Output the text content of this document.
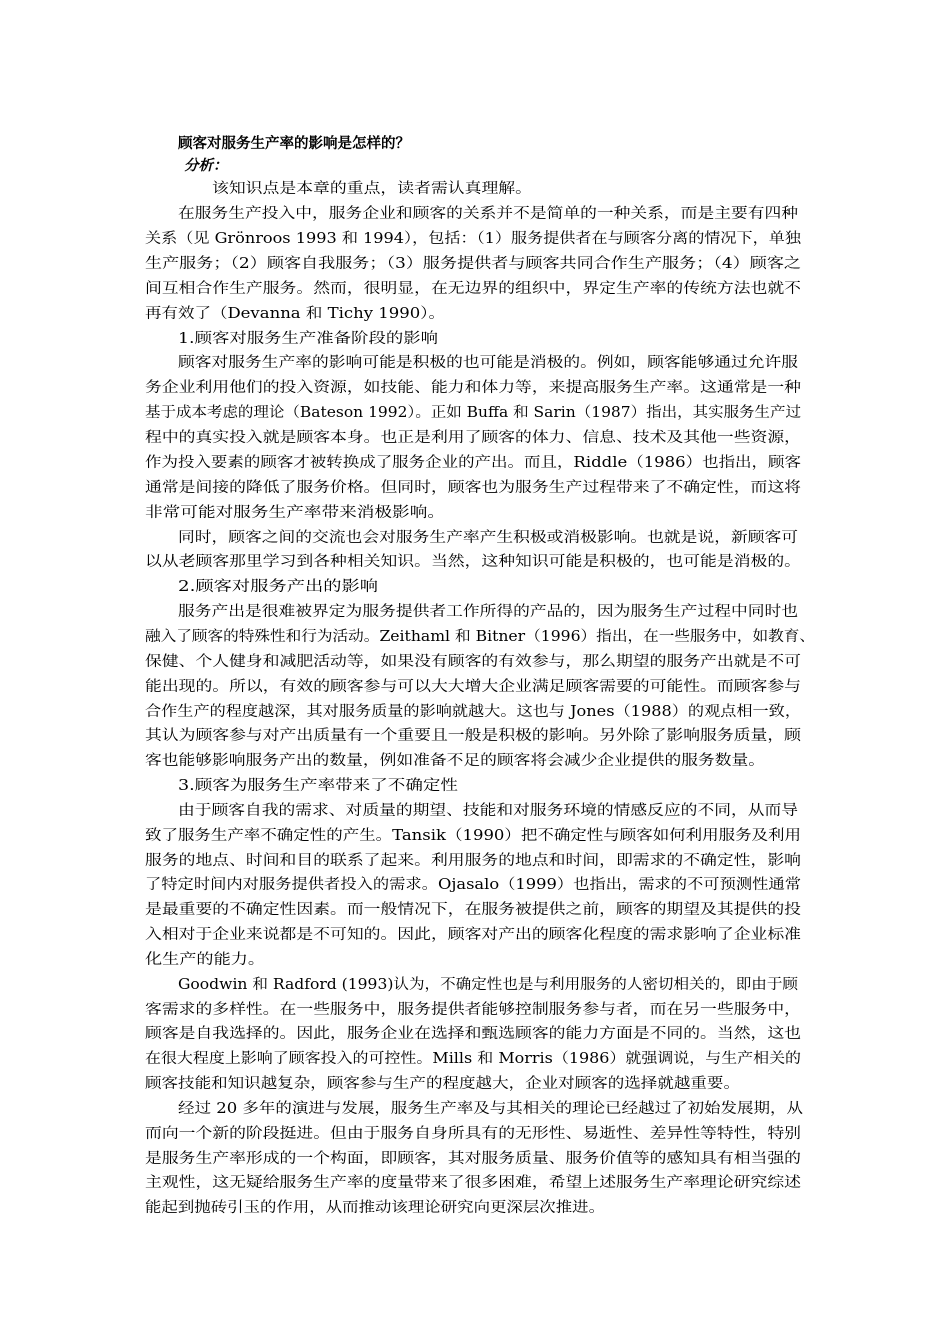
顾客对服务生产率的影响是怎样的？
分析：
该知识点是本章的重点，读者需认真理解。
在服务生产投入中，服务企业和顾客的关系并不是简单的一种关系，而是主要有四种
关系（见 Grönroos 1993 和 1994），包括：（1）服务提供者在与顾客分离的情况下，单独
生产服务；（2）顾客自我服务；（3）服务提供者与顾客共同合作生产服务；（4）顾客之
间互相合作生产服务。然而，很明显，在无边界的组织中，界定生产率的传统方法也就不
再有效了（Devanna 和 Tichy 1990）。
1.顾客对服务生产准备阶段的影响
顾客对服务生产率的影响可能是积极的也可能是消极的。例如，顾客能够通过允许服
务企业利用他们的投入资源，如技能、能力和体力等，来提高服务生产率。这通常是一种
基于成本考虑的理论（Bateson 1992）。正如 Buffa 和 Sarin（1987）指出，其实服务生产过
程中的真实投入就是顾客本身。也正是利用了顾客的体力、信息、技术及其他一些资源，
作为投入要素的顾客才被转换成了服务企业的产出。而且，Riddle（1986）也指出，顾客
通常是间接的降低了服务价格。但同时，顾客也为服务生产过程带来了不确定性，而这将
非常可能对服务生产率带来消极影响。
同时，顾客之间的交流也会对服务生产率产生积极或消极影响。也就是说，新顾客可
以从老顾客那里学习到各种相关知识。当然，这种知识可能是积极的，也可能是消极的。
2.顾客对服务产出的影响
服务产出是很难被界定为服务提供者工作所得的产品的，因为服务生产过程中同时也
融入了顾客的特殊性和行为活动。Zeithaml 和 Bitner（1996）指出，在一些服务中，如教育、
保健、个人健身和减肥活动等，如果没有顾客的有效参与，那么期望的服务产出就是不可
能出现的。所以，有效的顾客参与可以大大增大企业满足顾客需要的可能性。而顾客参与
合作生产的程度越深，其对服务质量的影响就越大。这也与 Jones（1988）的观点相一致，
其认为顾客参与对产出质量有一个重要且一般是积极的影响。另外除了影响服务质量，顾
客也能够影响服务产出的数量，例如准备不足的顾客将会减少企业提供的服务数量。
3.顾客为服务生产率带来了不确定性
由于顾客自我的需求、对质量的期望、技能和对服务环境的情感反应的不同，从而导
致了服务生产率不确定性的产生。Tansik（1990）把不确定性与顾客如何利用服务及利用
服务的地点、时间和目的联系了起来。利用服务的地点和时间，即需求的不确定性，影响
了特定时间内对服务提供者投入的需求。Ojasalo（1999）也指出，需求的不可预测性通常
是最重要的不确定性因素。而一般情况下，在服务被提供之前，顾客的期望及其提供的投
入相对于企业来说都是不可知的。因此，顾客对产出的顾客化程度的需求影响了企业标准
化生产的能力。
Goodwin 和 Radford (1993)认为，不确定性也是与利用服务的人密切相关的，即由于顾
客需求的多样性。在一些服务中，服务提供者能够控制服务参与者，而在另一些服务中，
顾客是自我选择的。因此，服务企业在选择和甄选顾客的能力方面是不同的。当然，这也
在很大程度上影响了顾客投入的可控性。Mills 和 Morris（1986）就强调说，与生产相关的
顾客技能和知识越复杂，顾客参与生产的程度越大，企业对顾客的选择就越重要。
经过 20 多年的演进与发展，服务生产率及与其相关的理论已经越过了初始发展期，从
而向一个新的阶段挺进。但由于服务自身所具有的无形性、易逝性、差异性等特性，特别
是服务生产率形成的一个构面，即顾客，其对服务质量、服务价值等的感知具有相当强的
主观性，这无疑给服务生产率的度量带来了很多困难，希望上述服务生产率理论研究综述
能起到抛砖引玉的作用，从而推动该理论研究向更深层次推进。
